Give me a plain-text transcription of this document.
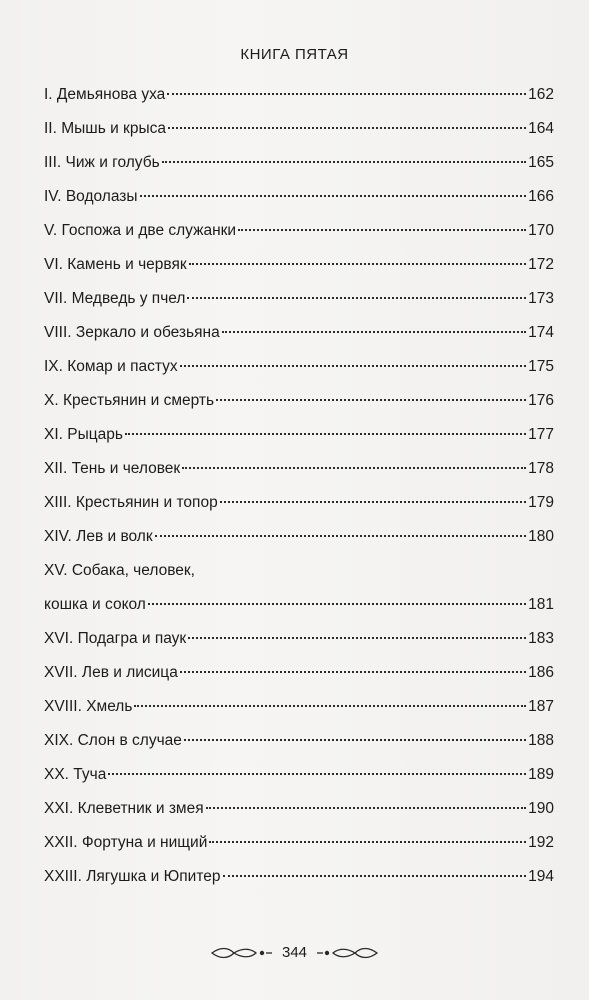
КНИГА ПЯТАЯ
I. Демьянова уха	162
II. Мышь и крыса	164
III. Чиж и голубь	165
IV. Водолазы	166
V. Госпожа и две служанки	170
VI. Камень и червяк	172
VII. Медведь у пчел	173
VIII. Зеркало и обезьяна	174
IX. Комар и пастух	175
X. Крестьянин и смерть	176
XI. Рыцарь	177
XII. Тень и человек	178
XIII. Крестьянин и топор	179
XIV. Лев и волк	180
XV. Собака, человек,
кошка и сокол	181
XVI. Подагра и паук	183
XVII. Лев и лисица	186
XVIII. Хмель	187
XIX. Слон в случае	188
XX. Туча	189
XXI. Клеветник и змея	190
XXII. Фортуна и нищий	192
XXIII. Лягушка и Юпитер	194
344
